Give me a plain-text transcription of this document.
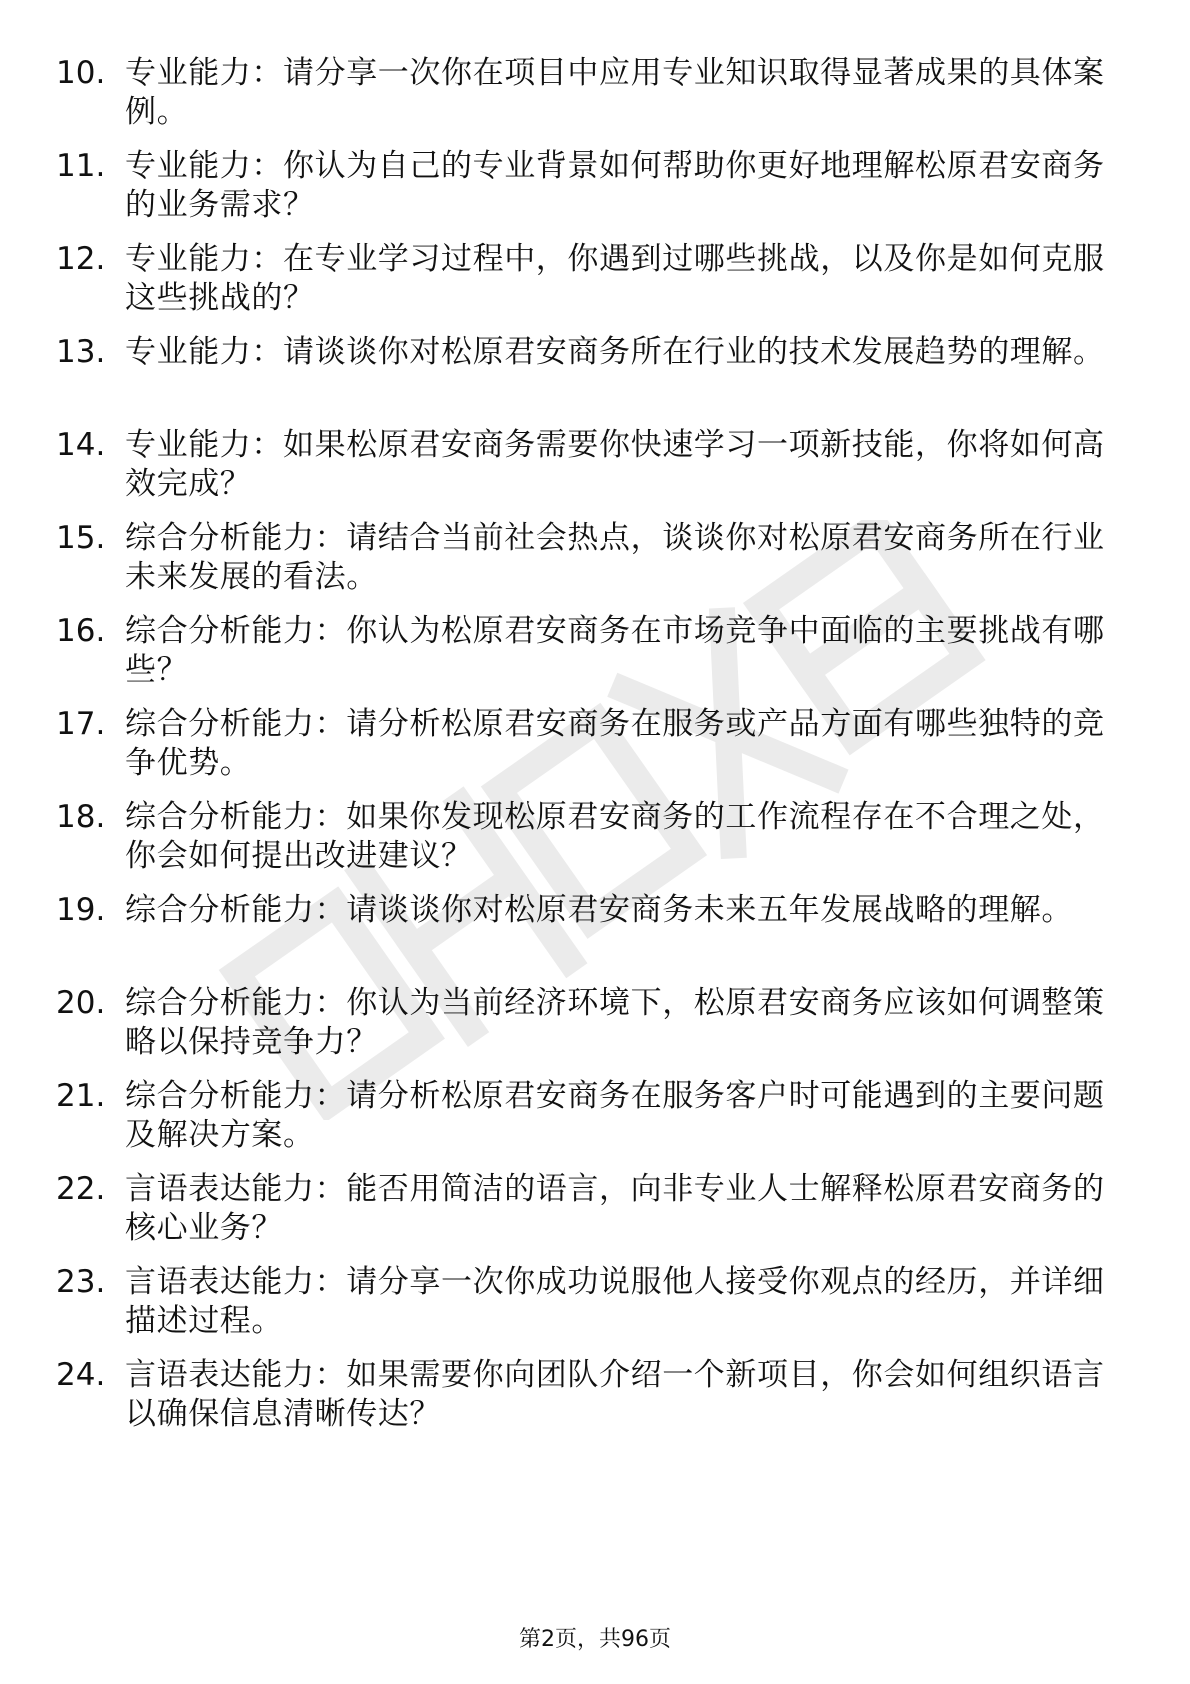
10. 专业能力：请分享一次你在项目中应用专业知识取得显著成果的具体案例。
11. 专业能力：你认为自己的专业背景如何帮助你更好地理解松原君安商务的业务需求？
12. 专业能力：在专业学习过程中，你遇到过哪些挑战，以及你是如何克服这些挑战的？
13. 专业能力：请谈谈你对松原君安商务所在行业的技术发展趋势的理解。
14. 专业能力：如果松原君安商务需要你快速学习一项新技能，你将如何高效完成？
15. 综合分析能力：请结合当前社会热点，谈谈你对松原君安商务所在行业未来发展的看法。
16. 综合分析能力：你认为松原君安商务在市场竞争中面临的主要挑战有哪些？
17. 综合分析能力：请分析松原君安商务在服务或产品方面有哪些独特的竞争优势。
18. 综合分析能力：如果你发现松原君安商务的工作流程存在不合理之处，你会如何提出改进建议？
19. 综合分析能力：请谈谈你对松原君安商务未来五年发展战略的理解。
20. 综合分析能力：你认为当前经济环境下，松原君安商务应该如何调整策略以保持竞争力？
21. 综合分析能力：请分析松原君安商务在服务客户时可能遇到的主要问题及解决方案。
22. 言语表达能力：能否用简洁的语言，向非专业人士解释松原君安商务的核心业务？
23. 言语表达能力：请分享一次你成功说服他人接受你观点的经历，并详细描述过程。
24. 言语表达能力：如果需要你向团队介绍一个新项目，你会如何组织语言以确保信息清晰传达？
第2页，共96页
